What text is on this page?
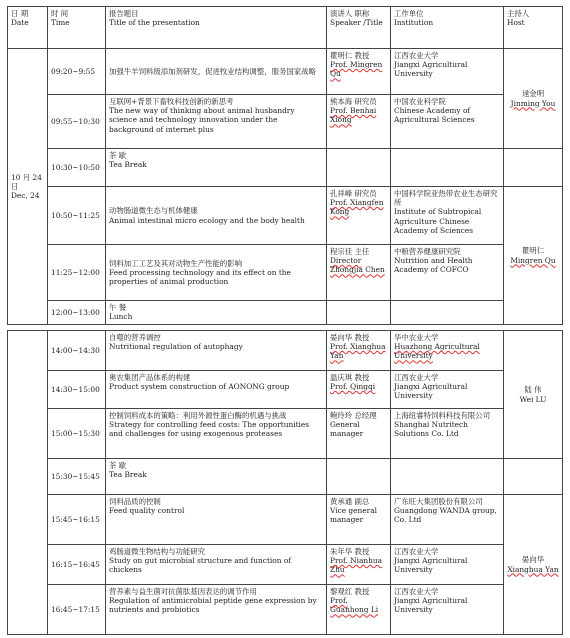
日 期
Date	时 间
Time	报告题目
Title of the presentation	演讲人 职称
Speaker /Title	工作单位
Institution	主持人
Host

10 月 24 日
Dec, 24	09:20~9:55	加强牛羊饲料级添加剂研发，促进牧业结构调整，服务国家战略	瞿明仁 教授
Prof. Mingren Qu	江西农业大学
Jiangxi Agricultural University	逯金明
Jinming You

	09:55~10:30	互联网+背景下畜牧科技创新的新思考
The new way of thinking about animal husbandry science and technology innovation under the background of internet plus	熊本海 研究员
Prof. Benhai Xiong	中国农业科学院
Chinese Academy of Agricultural Sciences	

	10:30~10:50	茶 歇
Tea Break			

	10:50~11:25	动物肠道微生态与机体健康
Animal intestinal micro ecology and the body health	孔祥峰 研究员
Prof. Xiangfen Kong	中国科学院亚热带农业生态研究所
Institute of Subtropical Agriculture Chinese Academy of Sciences	瞿明仁
Mingren Qu

	11:25~12:00	饲料加工工艺及其对动物生产性能的影响
Feed processing technology and its effect on the properties of animal production	程宗佳 主任
Director Zhongjia Chen	中粮营养健康研究院
Nutrition and Health Academy of COFCO	

	12:00~13:00	午 餐
Lunch			

	14:00~14:30	自噬的营养调控
Nutritional regulation of autophagy	晏向华 教授
Prof. Xianghua Yan	华中农业大学
Huazhong Agricultural University	陆 伟
Wei LU

	14:30~15:00	奥农集团产品体系的构建
Product system construction of AONONG group	温庆琪 教授
Prof. Qingqi	江西农业大学
Jiangxi Agricultural University	

	15:00~15:30	控制饲料成本的策略：利用外源性蛋白酶的机遇与挑战
Strategy for controlling feed costs: The opportunities and challenges for using exogenous proteases	鲍玲玲 总经理
General manager	上海纽睿特饲料科技有限公司
Shanghai Nutritech Solutions Co. Ltd	

	15:30~15:45	茶 歇
Tea Break			

	15:45~16:15	饲料品质的控制
Feed quality control	黄承通 副总
Vice general manager	广东旺大集团股份有限公司
Guangdong WANDA group, Co. Ltd	晏向华
Xianghua Yan

	16:15~16:45	鸡肠道微生物结构与功能研究
Study on gut microbial structure and function of chickens	朱年华 教授
Prof. Nianhua Zhu	江西农业大学
Jiangxi Agricultural University	

	16:45~17:15	营养素与益生菌对抗菌肽基因表达的调节作用
Regulation of antimicrobial peptide gene expression by nutrients and probiotics	黎观红 教授
Prof. Guanhong Li	江西农业大学
Jiangxi Agricultural University	
